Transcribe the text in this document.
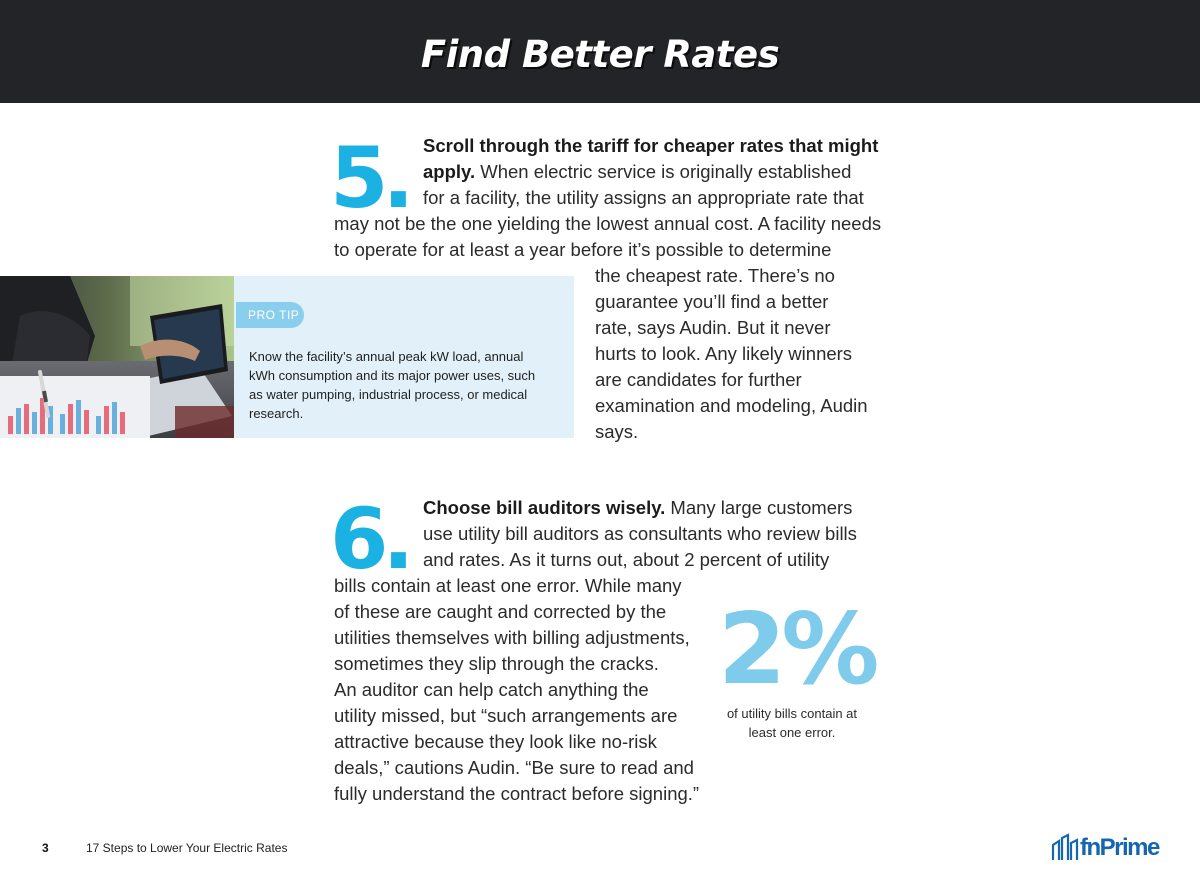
Find Better Rates
5. Scroll through the tariff for cheaper rates that might
apply. When electric service is originally established
for a facility, the utility assigns an appropriate rate that
may not be the one yielding the lowest annual cost. A facility needs
to operate for at least a year before it’s possible to determine
the cheapest rate. There’s no
guarantee you’ll find a better
rate, says Audin. But it never
hurts to look. Any likely winners
are candidates for further
examination and modeling, Audin
says.
PRO TIP
Know the facility’s annual peak kW load, annual
kWh consumption and its major power uses, such
as water pumping, industrial process, or medical
research.
6. Choose bill auditors wisely. Many large customers
use utility bill auditors as consultants who review bills
and rates. As it turns out, about 2 percent of utility
bills contain at least one error. While many
of these are caught and corrected by the
utilities themselves with billing adjustments,
sometimes they slip through the cracks.
An auditor can help catch anything the
utility missed, but “such arrangements are
attractive because they look like no-risk
deals,” cautions Audin. “Be sure to read and
fully understand the contract before signing.”
2%
of utility bills contain at
least one error.
3	17 Steps to Lower Your Electric Rates	fnPrime
